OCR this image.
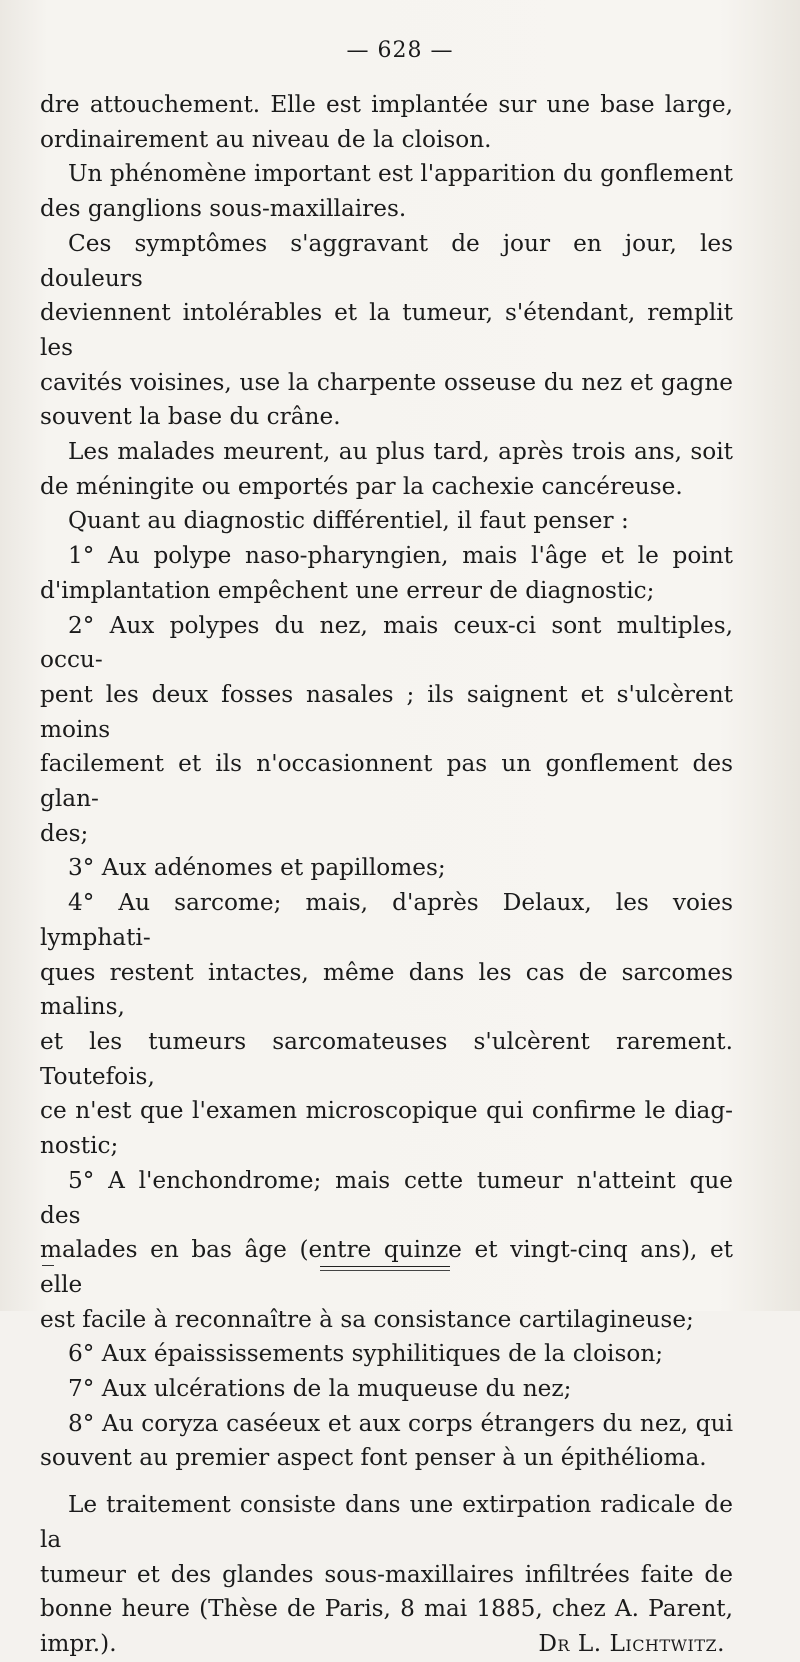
— 628 —

dre attouchement. Elle est implantée sur une base large,

ordinairement au niveau de la cloison.

Un phénomène important est l'apparition du gonflement

des ganglions sous-maxillaires.

Ces symptômes s'aggravant de jour en jour, les douleurs

deviennent intolérables et la tumeur, s'étendant, remplit les

cavités voisines, use la charpente osseuse du nez et gagne

souvent la base du crâne.

Les malades meurent, au plus tard, après trois ans, soit

de méningite ou emportés par la cachexie cancéreuse.

Quant au diagnostic différentiel, il faut penser :

1° Au polype naso-pharyngien, mais l'âge et le point

d'implantation empêchent une erreur de diagnostic;

2° Aux polypes du nez, mais ceux-ci sont multiples, occu-

pent les deux fosses nasales ; ils saignent et s'ulcèrent moins

facilement et ils n'occasionnent pas un gonflement des glan-

des;

3° Aux adénomes et papillomes;

4° Au sarcome; mais, d'après Delaux, les voies lymphati-

ques restent intactes, même dans les cas de sarcomes malins,

et les tumeurs sarcomateuses s'ulcèrent rarement. Toutefois,

ce n'est que l'examen microscopique qui confirme le diag-

nostic;

5° A l'enchondrome; mais cette tumeur n'atteint que des

malades en bas âge (entre quinze et vingt-cinq ans), et elle

est facile à reconnaître à sa consistance cartilagineuse;

6° Aux épaississements syphilitiques de la cloison;

7° Aux ulcérations de la muqueuse du nez;

8° Au coryza caséeux et aux corps étrangers du nez, qui

souvent au premier aspect font penser à un épithélioma.

Le traitement consiste dans une extirpation radicale de la

tumeur et des glandes sous-maxillaires infiltrées faite de

bonne heure (Thèse de Paris, 8 mai 1885, chez A. Parent,

impr.).	Dr L. Lichtwitz.
